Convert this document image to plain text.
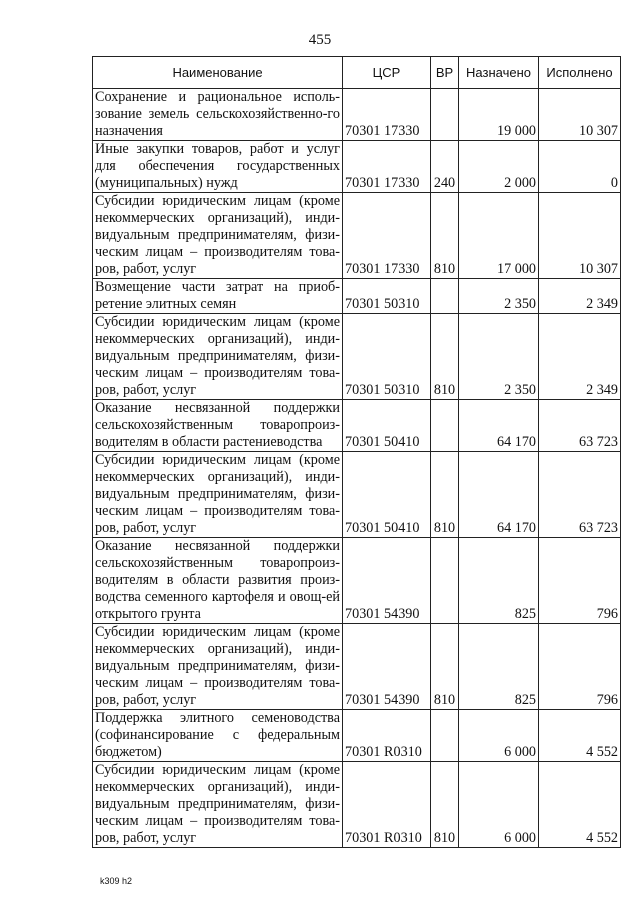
455
Наименование	ЦСР	ВР	Назначено	Исполнено
Сохранение и рациональное исполь-зование земель сельскохозяйственно-го назначения	70301 17330		19 000	10 307
Иные закупки товаров, работ и услуг для обеспечения государственных (муниципальных) нужд	70301 17330	240	2 000	0
Субсидии юридическим лицам (кроме некоммерческих организаций), инди-видуальным предпринимателям, физи-ческим лицам – производителям това-ров, работ, услуг	70301 17330	810	17 000	10 307
Возмещение части затрат на приоб-ретение элитных семян	70301 50310		2 350	2 349
Субсидии юридическим лицам (кроме некоммерческих организаций), инди-видуальным предпринимателям, физи-ческим лицам – производителям това-ров, работ, услуг	70301 50310	810	2 350	2 349
Оказание несвязанной поддержки сельскохозяйственным товаропроиз-водителям в области растениеводства	70301 50410		64 170	63 723
Субсидии юридическим лицам (кроме некоммерческих организаций), инди-видуальным предпринимателям, физи-ческим лицам – производителям това-ров, работ, услуг	70301 50410	810	64 170	63 723
Оказание несвязанной поддержки сельскохозяйственным товаропроиз-водителям в области развития произ-водства семенного картофеля и овощ-ей открытого грунта	70301 54390		825	796
Субсидии юридическим лицам (кроме некоммерческих организаций), инди-видуальным предпринимателям, физи-ческим лицам – производителям това-ров, работ, услуг	70301 54390	810	825	796
Поддержка элитного семеноводства (софинансирование с федеральным бюджетом)	70301 R0310		6 000	4 552
Субсидии юридическим лицам (кроме некоммерческих организаций), инди-видуальным предпринимателям, физи-ческим лицам – производителям това-ров, работ, услуг	70301 R0310	810	6 000	4 552
k309 h2
